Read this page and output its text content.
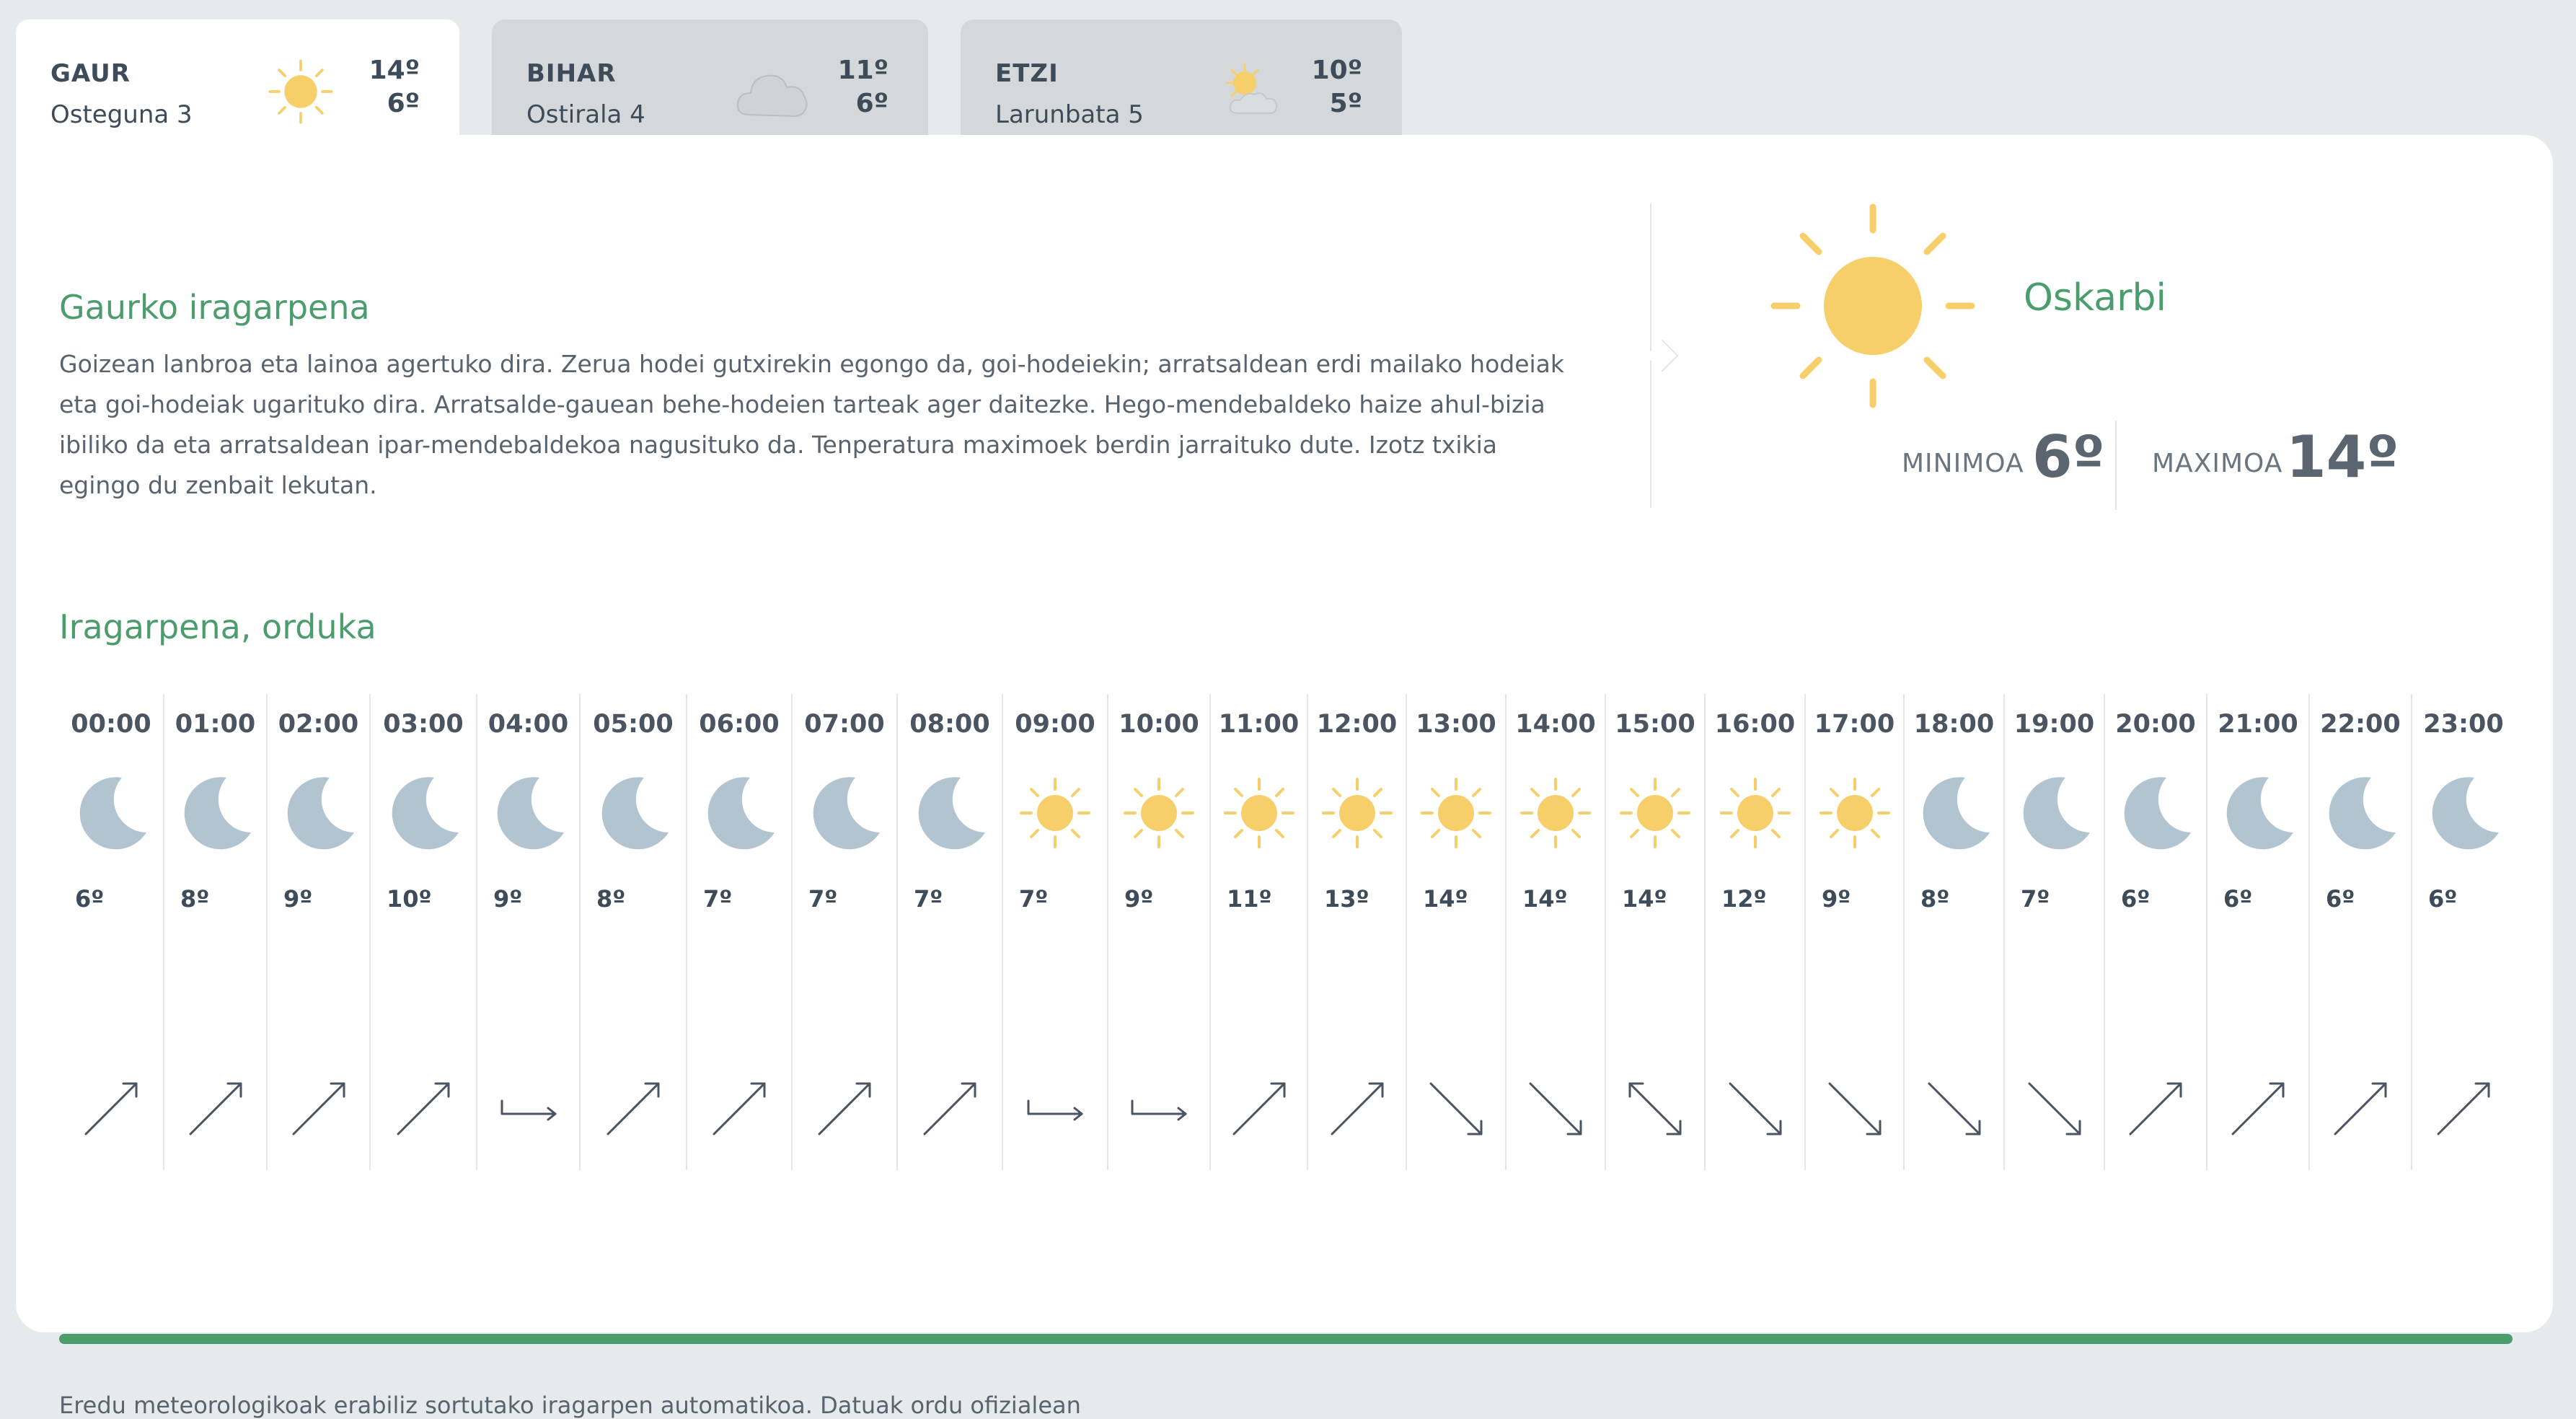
GAUR
Osteguna 3
14º
6º
BIHAR
Ostirala 4
11º
6º
ETZI
Larunbata 5
10º
5º
Gaurko iragarpena
Goizean lanbroa eta lainoa agertuko dira. Zerua hodei gutxirekin egongo da, goi-hodeiekin; arratsaldean erdi mailako hodeiak eta goi-hodeiak ugarituko dira. Arratsalde-gauean behe-hodeien tarteak ager daitezke. Hego-mendebaldeko haize ahul-bizia ibiliko da eta arratsaldean ipar-mendebaldekoa nagusituko da. Tenperatura maximoek berdin jarraituko dute. Izotz txikia egingo du zenbait lekutan.
Oskarbi
MINIMOA 6º MAXIMOA 14º
Iragarpena, orduka
00:00
6º
01:00
8º
02:00
9º
03:00
10º
04:00
9º
05:00
8º
06:00
7º
07:00
7º
08:00
7º
09:00
7º
10:00
9º
11:00
11º
12:00
13º
13:00
14º
14:00
14º
15:00
14º
16:00
12º
17:00
9º
18:00
8º
19:00
7º
20:00
6º
21:00
6º
22:00
6º
23:00
6º
Eredu meteorologikoak erabiliz sortutako iragarpen automatikoa. Datuak ordu ofizialean
